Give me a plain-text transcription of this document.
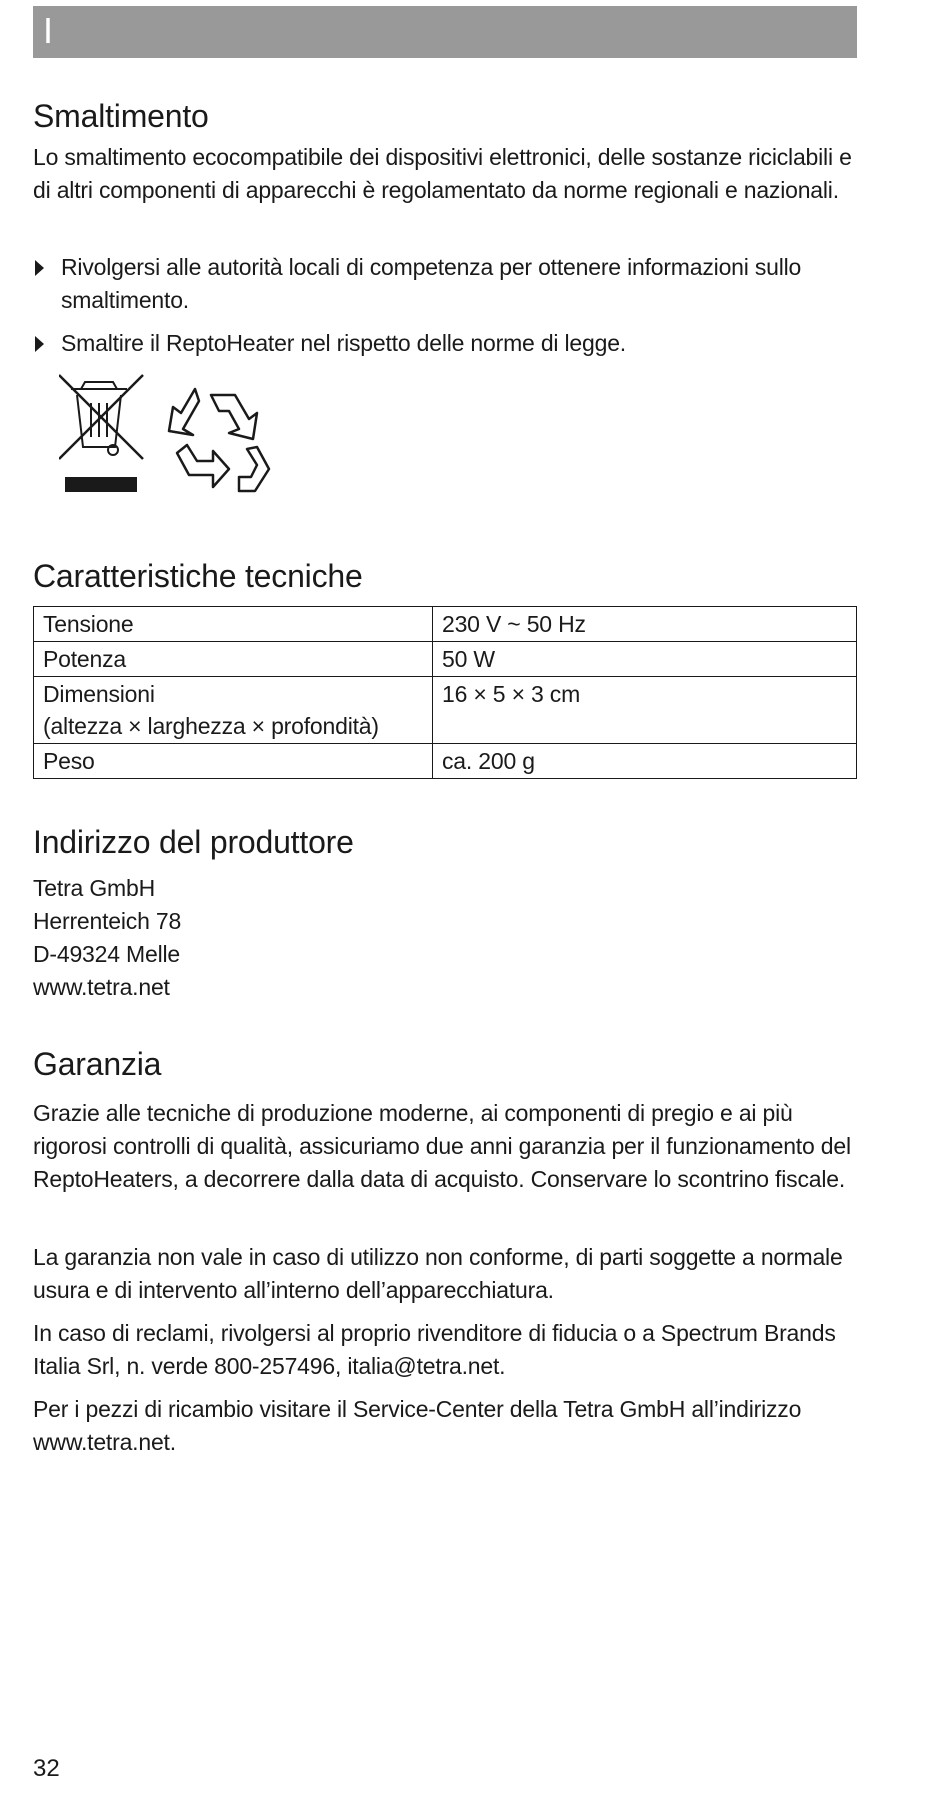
I
Smaltimento

Lo smaltimento ecocompatibile dei dispositivi elettronici, delle sostanze riciclabili e di altri componenti di apparecchi è regolamentato da norme regionali e nazionali.

Rivolgersi alle autorità locali di competenza per ottenere informazioni sullo smaltimento.
Smaltire il ReptoHeater nel rispetto delle norme di legge.
Caratteristiche tecniche
Tensione	230 V ~ 50 Hz
Potenza	50 W

Dimensioni
(altezza × larghezza × profondità)	16 × 5 × 3 cm
Peso	ca. 200 g
Indirizzo del produttore
Tetra GmbH
Herrenteich 78
D-49324 Melle
www.tetra.net
Garanzia

Grazie alle tecniche di produzione moderne, ai componenti di pregio e ai più rigorosi controlli di qualità, assicuriamo due anni garanzia per il funzionamento del ReptoHeaters, a decorrere dalla data di acquisto. Conservare lo scontrino fiscale.

La garanzia non vale in caso di utilizzo non conforme, di parti soggette a normale usura e di intervento all’interno dell’apparecchiatura.

In caso di reclami, rivolgersi al proprio rivenditore di fiducia o a Spectrum Brands Italia Srl, n. verde 800-257496, italia@tetra.net.

Per i pezzi di ricambio visitare il Service-Center della Tetra GmbH all’indirizzo www.tetra.net.

32
